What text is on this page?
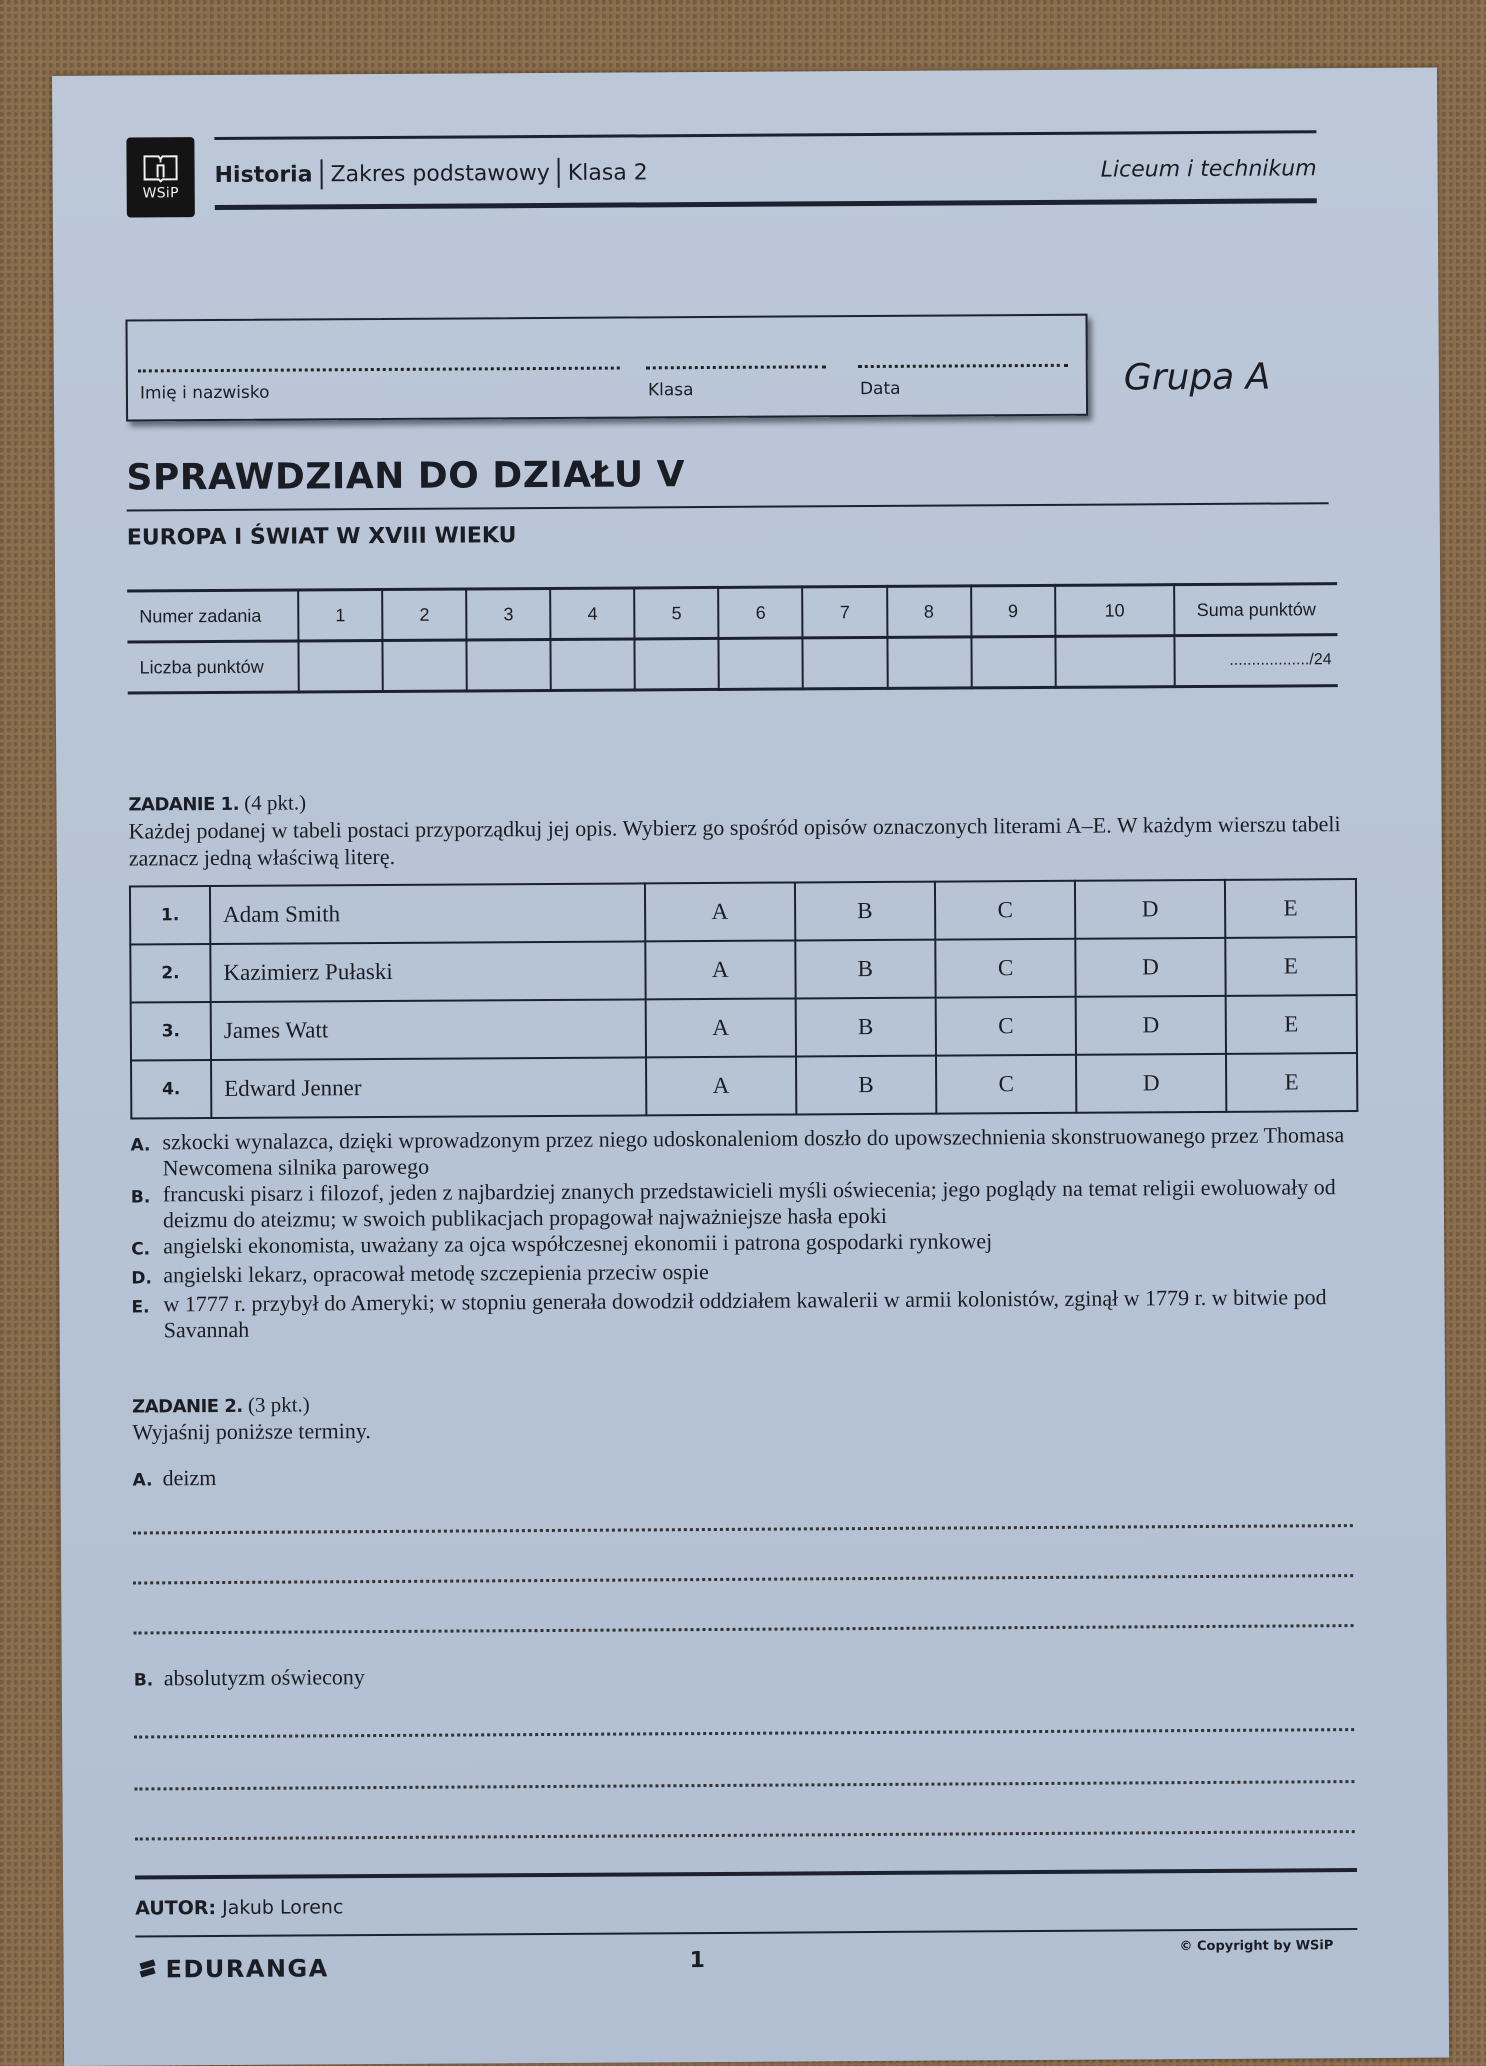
WSiP
Historia Zakres podstawowy Klasa 2	Liceum i technikum
Imię i nazwisko	Klasa	Data	Grupa A
SPRAWDZIAN DO DZIAŁU V
EUROPA I ŚWIAT W XVIII WIEKU
Numer zadania	1	2	3	4	5	6	7	8	9	10	Suma punktów
Liczba punktów											................../24
ZADANIE 1. (4 pkt.)
Każdej podanej w tabeli postaci przyporządkuj jej opis. Wybierz go spośród opisów oznaczonych literami A–E. W każdym wierszu tabeli zaznacz jedną właściwą literę.
1.	Adam Smith	A	B	C	D	E
2.	Kazimierz Pułaski	A	B	C	D	E
3.	James Watt	A	B	C	D	E
4.	Edward Jenner	A	B	C	D	E
A. szkocki wynalazca, dzięki wprowadzonym przez niego udoskonaleniom doszło do upowszechnienia skonstruowanego przez Thomasa Newcomena silnika parowego
B. francuski pisarz i filozof, jeden z najbardziej znanych przedstawicieli myśli oświecenia; jego poglądy na temat religii ewoluowały od deizmu do ateizmu; w swoich publikacjach propagował najważniejsze hasła epoki
C. angielski ekonomista, uważany za ojca współczesnej ekonomii i patrona gospodarki rynkowej
D. angielski lekarz, opracował metodę szczepienia przeciw ospie
E. w 1777 r. przybył do Ameryki; w stopniu generała dowodził oddziałem kawalerii w armii kolonistów, zginął w 1779 r. w bitwie pod Savannah
ZADANIE 2. (3 pkt.)
Wyjaśnij poniższe terminy.
A. deizm
B. absolutyzm oświecony
AUTOR: Jakub Lorenc
EDURANGA	1
© Copyright by WSiP
